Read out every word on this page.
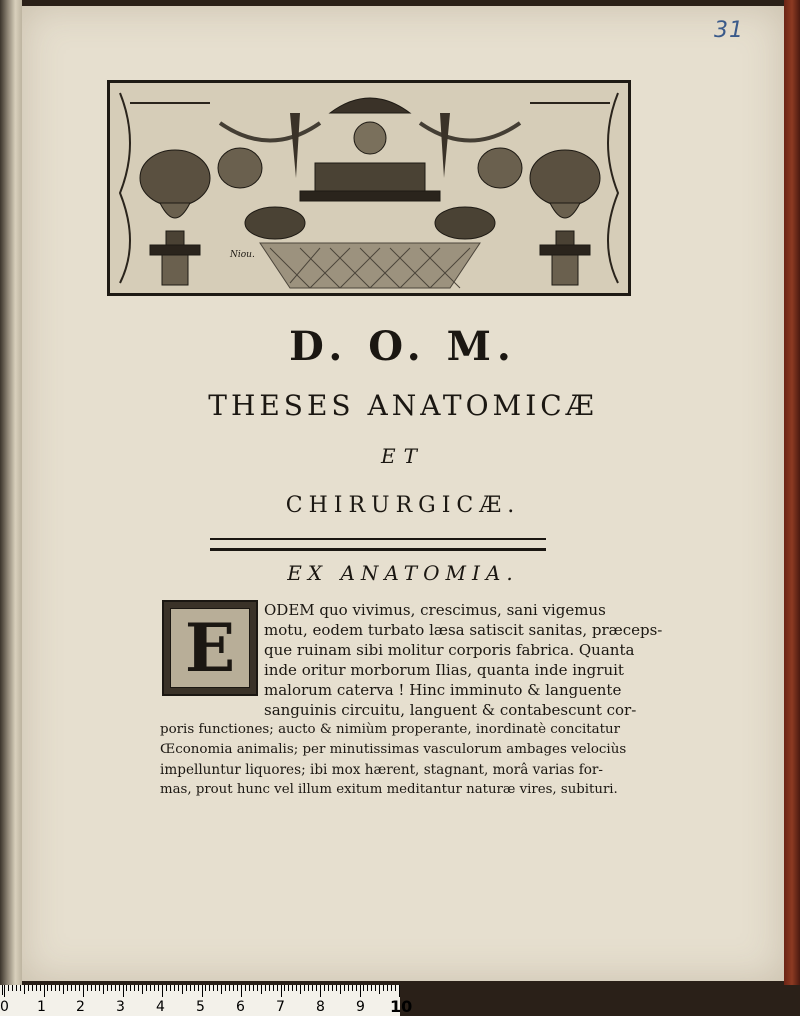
31
Niou.
D. O. M.
THESES ANATOMICÆ
ET
CHIRURGICÆ.
EX ANATOMIA.
E	ODEM quo vivimus, crescimus, sani vigemus
motu, eodem turbato læsa satiscit sanitas, præceps-
que ruinam sibi molitur corporis fabrica. Quanta
inde oritur morborum Ilias, quanta inde ingruit
malorum caterva ! Hinc imminuto & languente
sanguinis circuitu, languent & contabescunt cor-
poris functiones; aucto & nimiùm properante, inordinatè concitatur
Œconomia animalis; per minutissimas vasculorum ambages velociùs
impelluntur liquores; ibi mox hærent, stagnant, morâ varias for-
mas, prout hunc vel illum exitum meditantur naturæ vires, subituri.
0 1 2 3 4 5 6 7 8 9 10
